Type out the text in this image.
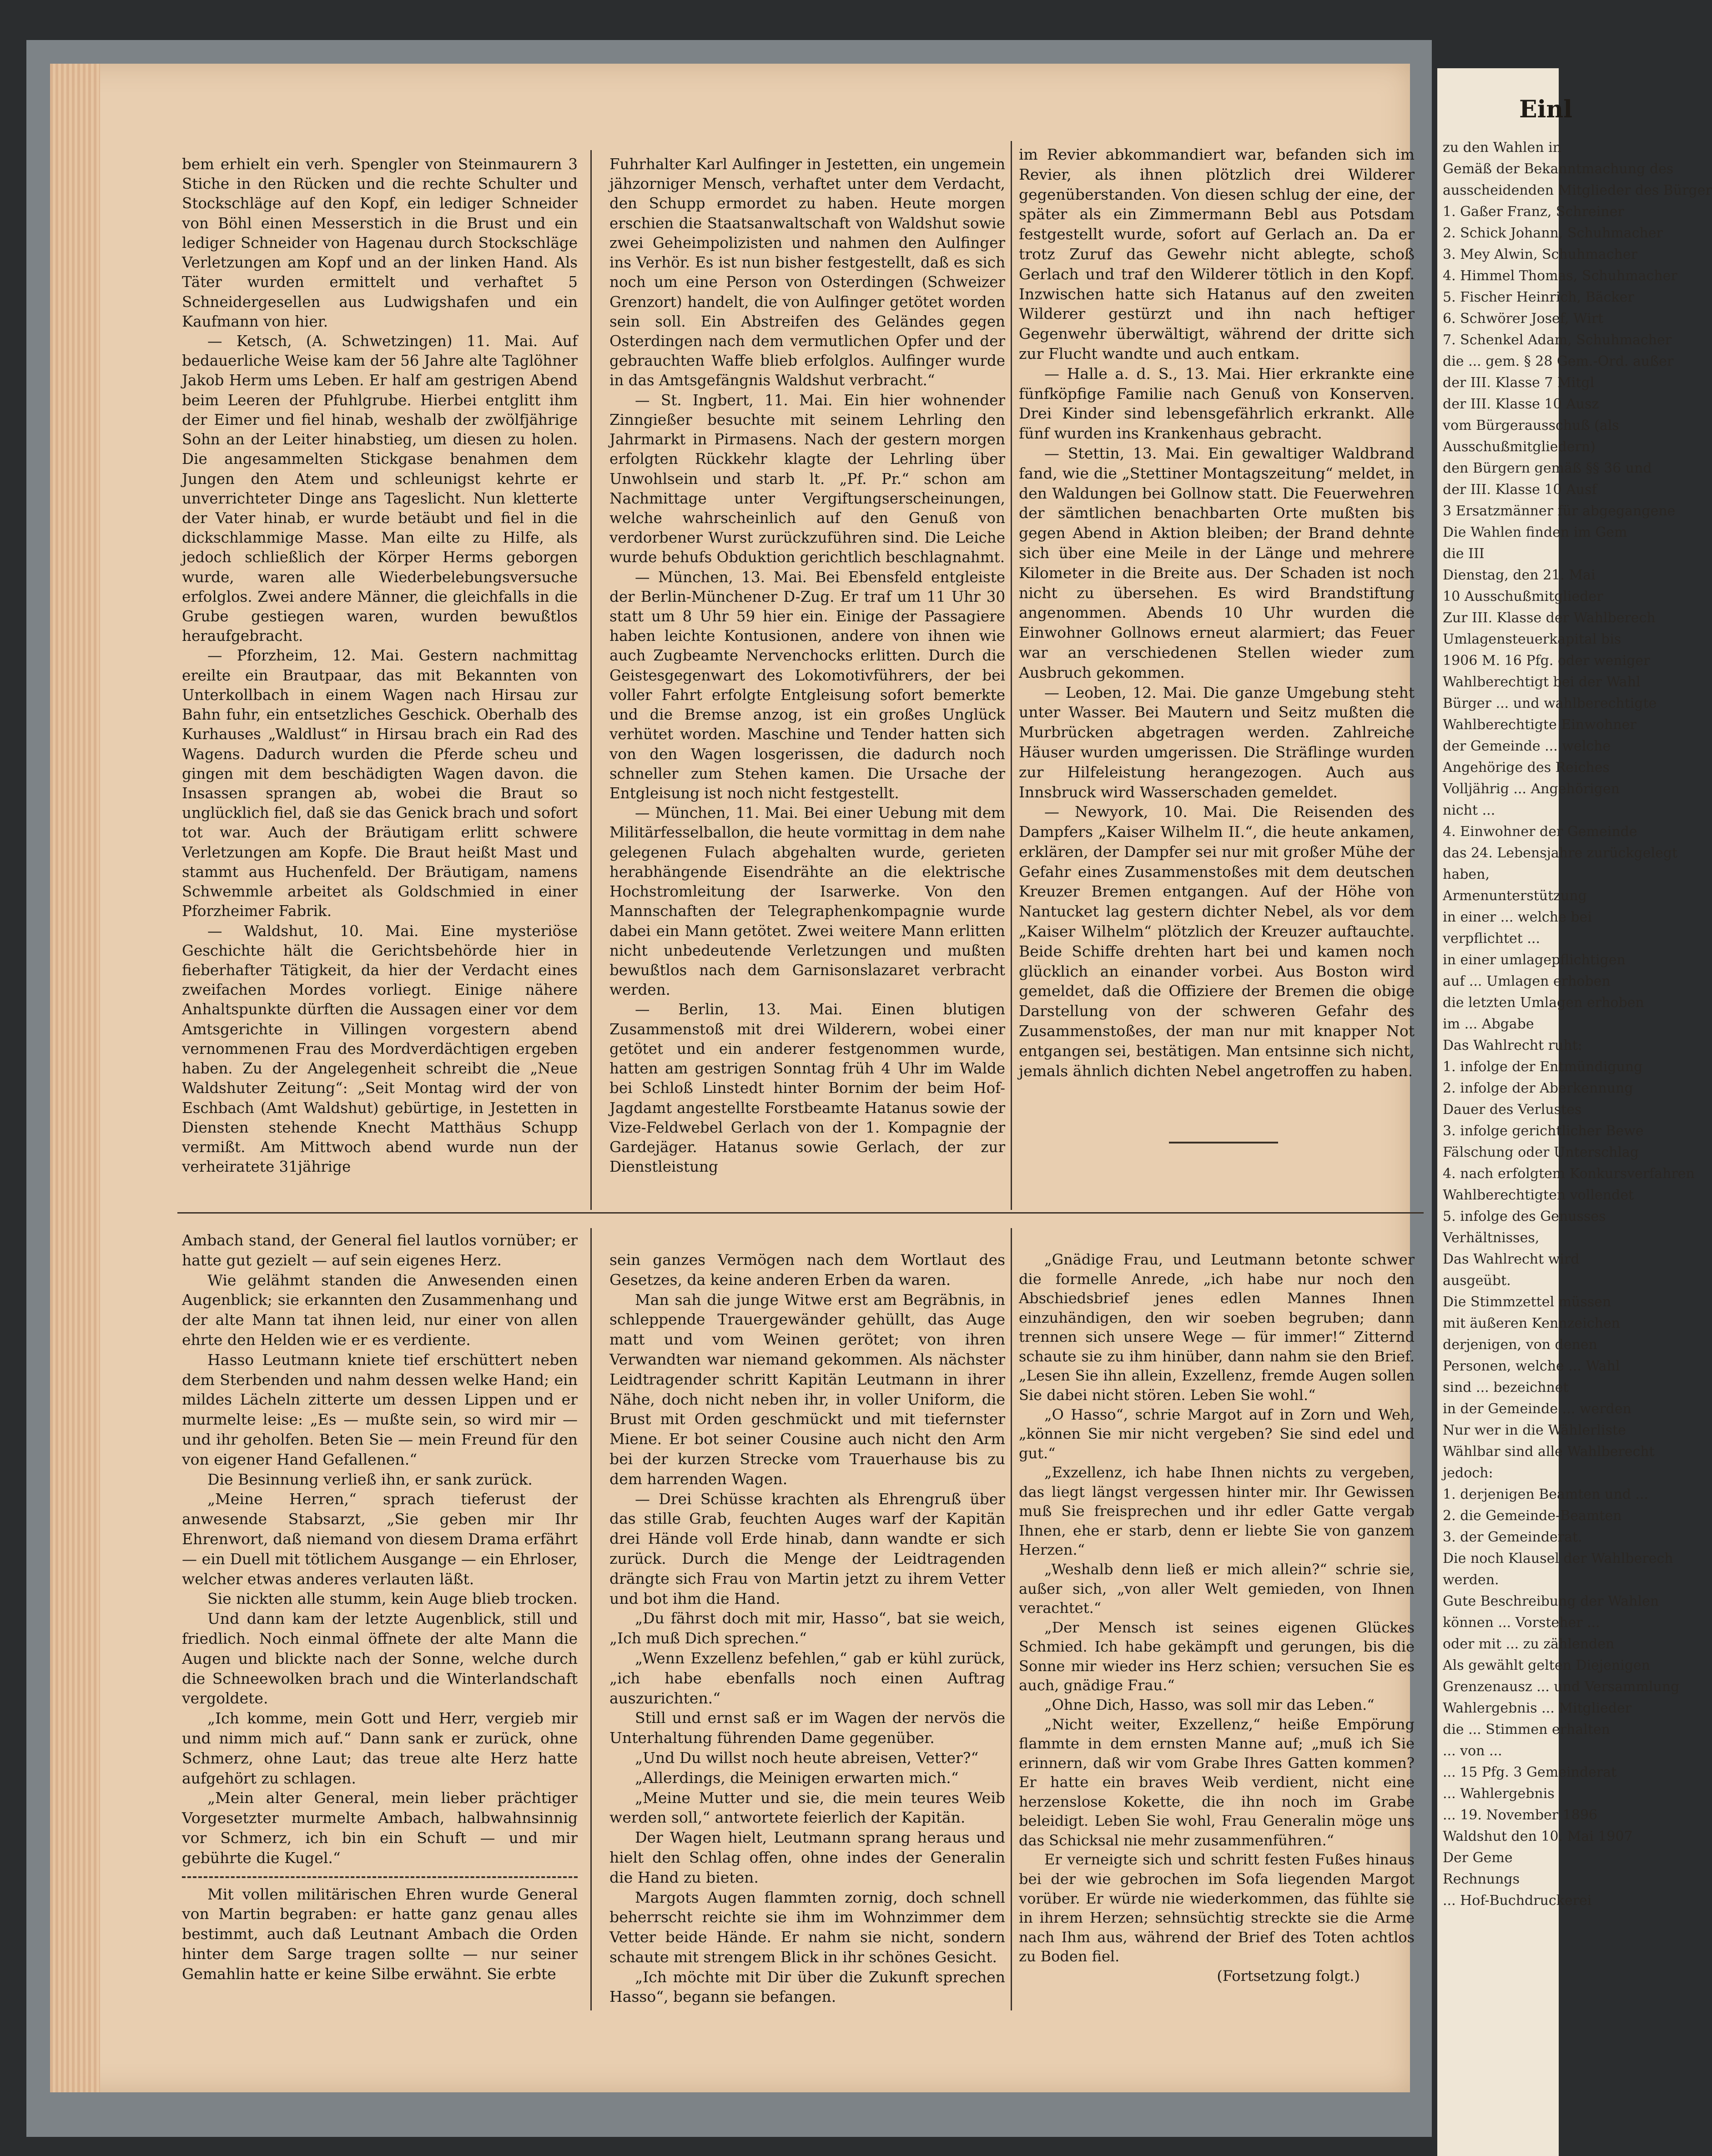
bem erhielt ein verh. Spengler von Steinmaurern 3 Stiche in den Rücken und die rechte Schulter und Stockschläge auf den Kopf, ein lediger Schneider von Böhl einen Messerstich in die Brust und ein lediger Schneider von Hagenau durch Stockschläge Verletzungen am Kopf und an der linken Hand. Als Täter wurden ermittelt und verhaftet 5 Schneidergesellen aus Ludwigshafen und ein Kaufmann von hier.

— Ketsch, (A. Schwetzingen) 11. Mai. Auf bedauerliche Weise kam der 56 Jahre alte Taglöhner Jakob Herm ums Leben. Er half am gestrigen Abend beim Leeren der Pfuhlgrube. Hierbei entglitt ihm der Eimer und fiel hinab, weshalb der zwölfjährige Sohn an der Leiter hinabstieg, um diesen zu holen. Die angesammelten Stickgase benahmen dem Jungen den Atem und schleunigst kehrte er unverrichteter Dinge ans Tageslicht. Nun kletterte der Vater hinab, er wurde betäubt und fiel in die dickschlammige Masse. Man eilte zu Hilfe, als jedoch schließlich der Körper Herms geborgen wurde, waren alle Wiederbelebungsversuche erfolglos. Zwei andere Männer, die gleichfalls in die Grube gestiegen waren, wurden bewußtlos heraufgebracht.

— Pforzheim, 12. Mai. Gestern nachmittag ereilte ein Brautpaar, das mit Bekannten von Unterkollbach in einem Wagen nach Hirsau zur Bahn fuhr, ein entsetzliches Geschick. Oberhalb des Kurhauses „Waldlust“ in Hirsau brach ein Rad des Wagens. Dadurch wurden die Pferde scheu und gingen mit dem beschädigten Wagen davon. die Insassen sprangen ab, wobei die Braut so unglücklich fiel, daß sie das Genick brach und sofort tot war. Auch der Bräutigam erlitt schwere Verletzungen am Kopfe. Die Braut heißt Mast und stammt aus Huchenfeld. Der Bräutigam, namens Schwemmle arbeitet als Goldschmied in einer Pforzheimer Fabrik.

— Waldshut, 10. Mai. Eine mysteriöse Geschichte hält die Gerichtsbehörde hier in fieberhafter Tätigkeit, da hier der Verdacht eines zweifachen Mordes vorliegt. Einige nähere Anhaltspunkte dürften die Aussagen einer vor dem Amtsgerichte in Villingen vorgestern abend vernommenen Frau des Mordverdächtigen ergeben haben. Zu der Angelegenheit schreibt die „Neue Waldshuter Zeitung“: „Seit Montag wird der von Eschbach (Amt Waldshut) gebürtige, in Jestetten in Diensten stehende Knecht Matthäus Schupp vermißt. Am Mittwoch abend wurde nun der verheiratete 31jährige

Fuhrhalter Karl Aulfinger in Jestetten, ein ungemein jähzorniger Mensch, verhaftet unter dem Verdacht, den Schupp ermordet zu haben. Heute morgen erschien die Staatsanwaltschaft von Waldshut sowie zwei Geheimpolizisten und nahmen den Aulfinger ins Verhör. Es ist nun bisher festgestellt, daß es sich noch um eine Person von Osterdingen (Schweizer Grenzort) handelt, die von Aulfinger getötet worden sein soll. Ein Abstreifen des Geländes gegen Osterdingen nach dem vermutlichen Opfer und der gebrauchten Waffe blieb erfolglos. Aulfinger wurde in das Amtsgefängnis Waldshut verbracht.“

— St. Ingbert, 11. Mai. Ein hier wohnender Zinngießer besuchte mit seinem Lehrling den Jahrmarkt in Pirmasens. Nach der gestern morgen erfolgten Rückkehr klagte der Lehrling über Unwohlsein und starb lt. „Pf. Pr.“ schon am Nachmittage unter Vergiftungserscheinungen, welche wahrscheinlich auf den Genuß von verdorbener Wurst zurückzuführen sind. Die Leiche wurde behufs Obduktion gerichtlich beschlagnahmt.

— München, 13. Mai. Bei Ebensfeld entgleiste der Berlin-Münchener D-Zug. Er traf um 11 Uhr 30 statt um 8 Uhr 59 hier ein. Einige der Passagiere haben leichte Kontusionen, andere von ihnen wie auch Zugbeamte Nervenchocks erlitten. Durch die Geistesgegenwart des Lokomotivführers, der bei voller Fahrt erfolgte Entgleisung sofort bemerkte und die Bremse anzog, ist ein großes Unglück verhütet worden. Maschine und Tender hatten sich von den Wagen losgerissen, die dadurch noch schneller zum Stehen kamen. Die Ursache der Entgleisung ist noch nicht festgestellt.

— München, 11. Mai. Bei einer Uebung mit dem Militärfesselballon, die heute vormittag in dem nahe gelegenen Fulach abgehalten wurde, gerieten herabhängende Eisendrähte an die elektrische Hochstromleitung der Isarwerke. Von den Mannschaften der Telegraphenkompagnie wurde dabei ein Mann getötet. Zwei weitere Mann erlitten nicht unbedeutende Verletzungen und mußten bewußtlos nach dem Garnisonslazaret verbracht werden.

— Berlin, 13. Mai. Einen blutigen Zusammenstoß mit drei Wilderern, wobei einer getötet und ein anderer festgenommen wurde, hatten am gestrigen Sonntag früh 4 Uhr im Walde bei Schloß Linstedt hinter Bornim der beim Hof-Jagdamt angestellte Forstbeamte Hatanus sowie der Vize-Feldwebel Gerlach von der 1. Kompagnie der Gardejäger. Hatanus sowie Gerlach, der zur Dienstleistung

im Revier abkommandiert war, befanden sich im Revier, als ihnen plötzlich drei Wilderer gegenüberstanden. Von diesen schlug der eine, der später als ein Zimmermann Bebl aus Potsdam festgestellt wurde, sofort auf Gerlach an. Da er trotz Zuruf das Gewehr nicht ablegte, schoß Gerlach und traf den Wilderer tötlich in den Kopf. Inzwischen hatte sich Hatanus auf den zweiten Wilderer gestürzt und ihn nach heftiger Gegenwehr überwältigt, während der dritte sich zur Flucht wandte und auch entkam.

— Halle a. d. S., 13. Mai. Hier erkrankte eine fünfköpfige Familie nach Genuß von Konserven. Drei Kinder sind lebensgefährlich erkrankt. Alle fünf wurden ins Krankenhaus gebracht.

— Stettin, 13. Mai. Ein gewaltiger Waldbrand fand, wie die „Stettiner Montagszeitung“ meldet, in den Waldungen bei Gollnow statt. Die Feuerwehren der sämtlichen benachbarten Orte mußten bis gegen Abend in Aktion bleiben; der Brand dehnte sich über eine Meile in der Länge und mehrere Kilometer in die Breite aus. Der Schaden ist noch nicht zu übersehen. Es wird Brandstiftung angenommen. Abends 10 Uhr wurden die Einwohner Gollnows erneut alarmiert; das Feuer war an verschiedenen Stellen wieder zum Ausbruch gekommen.

— Leoben, 12. Mai. Die ganze Umgebung steht unter Wasser. Bei Mautern und Seitz mußten die Murbrücken abgetragen werden. Zahlreiche Häuser wurden umgerissen. Die Sträflinge wurden zur Hilfeleistung herangezogen. Auch aus Innsbruck wird Wasserschaden gemeldet.

— Newyork, 10. Mai. Die Reisenden des Dampfers „Kaiser Wilhelm II.“, die heute ankamen, erklären, der Dampfer sei nur mit großer Mühe der Gefahr eines Zusammenstoßes mit dem deutschen Kreuzer Bremen entgangen. Auf der Höhe von Nantucket lag gestern dichter Nebel, als vor dem „Kaiser Wilhelm“ plötzlich der Kreuzer auftauchte. Beide Schiffe drehten hart bei und kamen noch glücklich an einander vorbei. Aus Boston wird gemeldet, daß die Offiziere der Bremen die obige Darstellung von der schweren Gefahr des Zusammenstoßes, der man nur mit knapper Not entgangen sei, bestätigen. Man entsinne sich nicht, jemals ähnlich dichten Nebel angetroffen zu haben.

Ambach stand, der General fiel lautlos vornüber; er hatte gut gezielt — auf sein eigenes Herz.

Wie gelähmt standen die Anwesenden einen Augenblick; sie erkannten den Zusammenhang und der alte Mann tat ihnen leid, nur einer von allen ehrte den Helden wie er es verdiente.

Hasso Leutmann kniete tief erschüttert neben dem Sterbenden und nahm dessen welke Hand; ein mildes Lächeln zitterte um dessen Lippen und er murmelte leise: „Es — mußte sein, so wird mir — und ihr geholfen. Beten Sie — mein Freund für den von eigener Hand Gefallenen.“

Die Besinnung verließ ihn, er sank zurück.

„Meine Herren,“ sprach tieferust der anwesende Stabsarzt, „Sie geben mir Ihr Ehrenwort, daß niemand von diesem Drama erfährt — ein Duell mit tötlichem Ausgange — ein Ehrloser, welcher etwas anderes verlauten läßt.

Sie nickten alle stumm, kein Auge blieb trocken.

Und dann kam der letzte Augenblick, still und friedlich. Noch einmal öffnete der alte Mann die Augen und blickte nach der Sonne, welche durch die Schneewolken brach und die Winterlandschaft vergoldete.

„Ich komme, mein Gott und Herr, vergieb mir und nimm mich auf.“ Dann sank er zurück, ohne Schmerz, ohne Laut; das treue alte Herz hatte aufgehört zu schlagen.

„Mein alter General, mein lieber prächtiger Vorgesetzter murmelte Ambach, halbwahnsinnig vor Schmerz, ich bin ein Schuft — und mir gebührte die Kugel.“

Mit vollen militärischen Ehren wurde General von Martin begraben: er hatte ganz genau alles bestimmt, auch daß Leutnant Ambach die Orden hinter dem Sarge tragen sollte — nur seiner Gemahlin hatte er keine Silbe erwähnt. Sie erbte

sein ganzes Vermögen nach dem Wortlaut des Gesetzes, da keine anderen Erben da waren.

Man sah die junge Witwe erst am Begräbnis, in schleppende Trauergewänder gehüllt, das Auge matt und vom Weinen gerötet; von ihren Verwandten war niemand gekommen. Als nächster Leidtragender schritt Kapitän Leutmann in ihrer Nähe, doch nicht neben ihr, in voller Uniform, die Brust mit Orden geschmückt und mit tiefernster Miene. Er bot seiner Cousine auch nicht den Arm bei der kurzen Strecke vom Trauerhause bis zu dem harrenden Wagen.

— Drei Schüsse krachten als Ehrengruß über das stille Grab, feuchten Auges warf der Kapitän drei Hände voll Erde hinab, dann wandte er sich zurück. Durch die Menge der Leidtragenden drängte sich Frau von Martin jetzt zu ihrem Vetter und bot ihm die Hand.

„Du fährst doch mit mir, Hasso“, bat sie weich, „Ich muß Dich sprechen.“

„Wenn Exzellenz befehlen,“ gab er kühl zurück, „ich habe ebenfalls noch einen Auftrag auszurichten.“

Still und ernst saß er im Wagen der nervös die Unterhaltung führenden Dame gegenüber.

„Und Du willst noch heute abreisen, Vetter?“

„Allerdings, die Meinigen erwarten mich.“

„Meine Mutter und sie, die mein teures Weib werden soll,“ antwortete feierlich der Kapitän.

Der Wagen hielt, Leutmann sprang heraus und hielt den Schlag offen, ohne indes der Generalin die Hand zu bieten.

Margots Augen flammten zornig, doch schnell beherrscht reichte sie ihm im Wohnzimmer dem Vetter beide Hände. Er nahm sie nicht, sondern schaute mit strengem Blick in ihr schönes Gesicht.

„Ich möchte mit Dir über die Zukunft sprechen Hasso“, begann sie befangen.

„Gnädige Frau, und Leutmann betonte schwer die formelle Anrede, „ich habe nur noch den Abschiedsbrief jenes edlen Mannes Ihnen einzuhändigen, den wir soeben begruben; dann trennen sich unsere Wege — für immer!“ Zitternd schaute sie zu ihm hinüber, dann nahm sie den Brief. „Lesen Sie ihn allein, Exzellenz, fremde Augen sollen Sie dabei nicht stören. Leben Sie wohl.“

„O Hasso“, schrie Margot auf in Zorn und Weh, „können Sie mir nicht vergeben? Sie sind edel und gut.“

„Exzellenz, ich habe Ihnen nichts zu vergeben, das liegt längst vergessen hinter mir. Ihr Gewissen muß Sie freisprechen und ihr edler Gatte vergab Ihnen, ehe er starb, denn er liebte Sie von ganzem Herzen.“

„Weshalb denn ließ er mich allein?“ schrie sie, außer sich, „von aller Welt gemieden, von Ihnen verachtet.“

„Der Mensch ist seines eigenen Glückes Schmied. Ich habe gekämpft und gerungen, bis die Sonne mir wieder ins Herz schien; versuchen Sie es auch, gnädige Frau.“

„Ohne Dich, Hasso, was soll mir das Leben.“

„Nicht weiter, Exzellenz,“ heiße Empörung flammte in dem ernsten Manne auf; „muß ich Sie erinnern, daß wir vom Grabe Ihres Gatten kommen? Er hatte ein braves Weib verdient, nicht eine herzenslose Kokette, die ihn noch im Grabe beleidigt. Leben Sie wohl, Frau Generalin möge uns das Schicksal nie mehr zusammenführen.“

Er verneigte sich und schritt festen Fußes hinaus bei der wie gebrochen im Sofa liegenden Margot vorüber. Er würde nie wiederkommen, das fühlte sie in ihrem Herzen; sehnsüchtig streckte sie die Arme nach Ihm aus, während der Brief des Toten achtlos zu Boden fiel.

(Fortsetzung folgt.)

Einl
zu den Wahlen in
Gemäß der Bekanntmachung des
ausscheidenden Mitglieder des Bürger
1. Gaßer Franz, Schreiner
2. Schick Johann, Schuhmacher
3. Mey Alwin, Schuhmacher
4. Himmel Thomas, Schuhmacher
5. Fischer Heinrich, Bäcker
6. Schwörer Josef, Wirt
7. Schenkel Adam, Schuhmacher
die ... gem. § 28 Gem.-Ord. außer
der III. Klasse 7 Mitgl
der III. Klasse 10 Ausz
vom Bürgerausschuß (als
Ausschußmitgliedern)
den Bürgern gemäß §§ 36 und
der III. Klasse 10 Ausf
3 Ersatzmänner für abgegangene
Die Wahlen finden im Gem
die III
Dienstag, den 21. Mai
10 Ausschußmitglieder
Zur III. Klasse der Wahlberech
Umlagensteuerkapital bis
1906 M. 16 Pfg. oder weniger
Wahlberechtigt bei der Wahl
Bürger ... und wahlberechtigte
Wahlberechtigte Einwohner
der Gemeinde ... welche
Angehörige des Reiches
Volljährig ... Angehörigen
nicht ...
4. Einwohner der Gemeinde
das 24. Lebensjahre zurückgelegt
haben,
Armenunterstützung
in einer ... welche bei
verpflichtet ...
in einer umlagepflichtigen
auf ... Umlagen erhoben
die letzten Umlagen erhoben
im ... Abgabe
Das Wahlrecht ruht:
1. infolge der Entmündigung
2. infolge der Aberkennung
Dauer des Verlustes
3. infolge gerichtlicher Bewe
Fälschung oder Unterschlag
4. nach erfolgtem Konkursverfahren
Wahlberechtigten vollendet
5. infolge des Genusses
Verhältnisses,
Das Wahlrecht wird
ausgeübt.
Die Stimmzettel müssen
mit äußeren Kennzeichen
derjenigen, von denen
Personen, welche ... Wahl
sind ... bezeichnet
in der Gemeinde ... werden
Nur wer in die Wählerliste
Wählbar sind alle Wahlberecht
jedoch:
1. derjenigen Beamten und ...
2. die Gemeinde-Beamten
3. der Gemeinderat.
Die noch Klausel der Wahlberech
werden.
Gute Beschreibung der Wahlen
können ... Vorsteher ...
oder mit ... zu zählenden
Als gewählt gelten Diejenigen
Grenzenausz ... und Versammlung
Wahlergebnis ... Mitglieder
die ... Stimmen erhalten
... von ...
... 15 Pfg. 3 Gemeinderat
... Wahlergebnis
... 19. November 1896
Waldshut den 10. Mai 1907
Der Geme
Rechnungs
... Hof-Buchdruckerei
